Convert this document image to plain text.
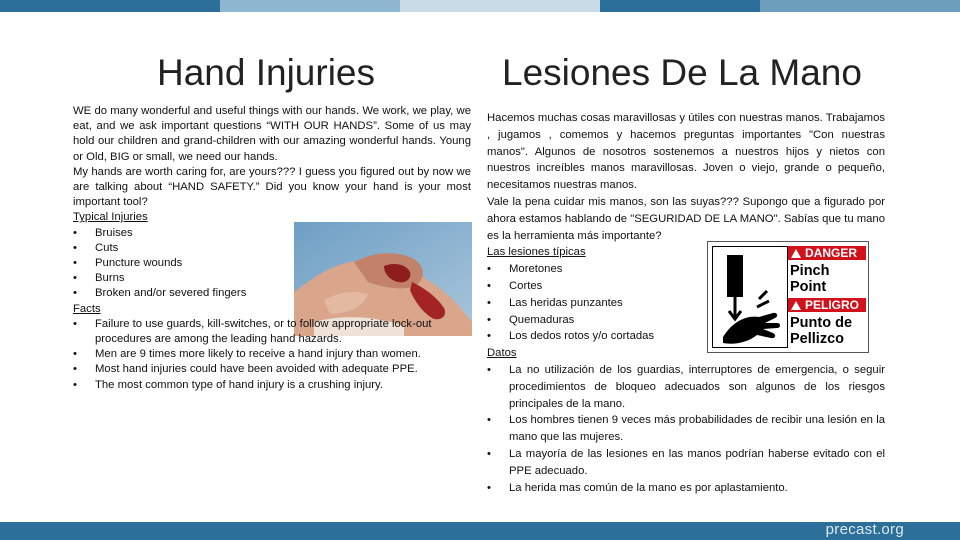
Hand Injuries	Lesiones De La Mano

WE do many wonderful and useful things with our hands. We work, we play, we eat, and we ask important questions “WITH OUR HANDS”. Some of us may hold our children and grand-children with our amazing wonderful hands. Young or Old, BIG or small, we need our hands.

My hands are worth caring for, are yours??? I guess you figured out by now we are talking about “HAND SAFETY.” Did you know your hand is your most important tool?

Typical Injuries

• Bruises
• Cuts
• Puncture wounds
• Burns
• Broken and/or severed fingers

Facts

• Failure to use guards, kill-switches, or to follow appropriate lock-out procedures are among the leading hand hazards.
• Men are 9 times more likely to receive a hand injury than women.
• Most hand injuries could have been avoided with adequate PPE.
• The most common type of hand injury is a crushing injury.

Hacemos muchas cosas maravillosas y útiles con nuestras manos. Trabajamos , jugamos , comemos y hacemos preguntas importantes "Con nuestras manos". Algunos de nosotros sostenemos a nuestros hijos y nietos con nuestros increíbles manos maravillosas. Joven o viejo, grande o pequeño, necesitamos nuestras manos.

Vale la pena cuidar mis manos, son las suyas??? Supongo que a figurado por ahora estamos hablando de "SEGURIDAD DE LA MANO". Sabías que tu mano es la herramienta más importante?

Las lesiones típicas

• Moretones
• Cortes
• Las heridas punzantes
• Quemaduras
• Los dedos rotos y/o cortadas

Datos

• La no utilización de los guardias, interruptores de emergencia, o seguir procedimientos de bloqueo adecuados son algunos de los riesgos principales de la mano.
• Los hombres tienen 9 veces más probabilidades de recibir una lesión en la mano que las mujeres.
• La mayoría de las lesiones en las manos podrían haberse evitado con el PPE adecuado.
• La herida mas común de la mano es por aplastamiento.
DANGER
Pinch
Point
PELIGRO
Punto de
Pellizco
precast.org
